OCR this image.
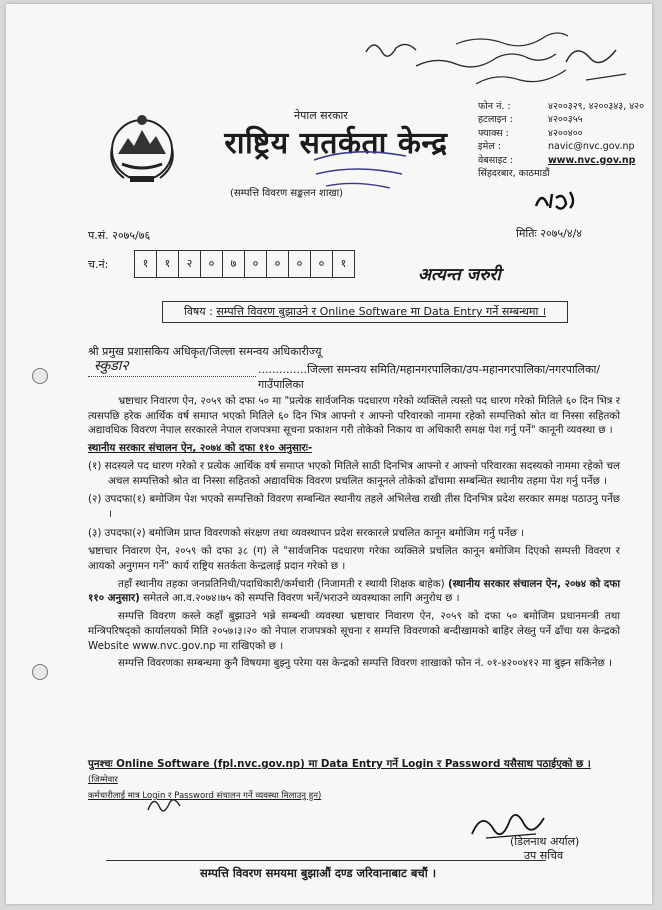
नेपाल सरकार
राष्ट्रिय सतर्कता केन्द्र
(सम्पत्ति विवरण सङ्कलन शाखा)
फोन नं. :	४२००३२९, ४२००३४३, ४२०
हटलाइन :	४२००३५५
फ्याक्स :	४२००४००
इमेल :	navic@nvc.gov.np
वेबसाइट :	www.nvc.gov.np
सिंहदरबार, काठमाडौं
प.सं. २०७५/७६	मितिः २०७५/४/४
च.नं:	१	१	२	०	७	०	०	०	०	१
अत्यन्त जरुरी
विषय : सम्पत्ति विवरण बुझाउने र Online Software मा Data Entry गर्ने सम्बन्धमा ।
श्री प्रमुख प्रशासकिय अधिकृत/जिल्ला समन्वय अधिकारीज्यू
स्कुडा२	..............जिल्ला समन्वय समिति/महानगरपालिका/उप-महानगरपालिका/नगरपालिका/गाउँपालिका

भ्रष्टाचार निवारण ऐन, २०५९ को दफा ५० मा "प्रत्येक सार्वजनिक पदधारण गरेको व्यक्तिले त्यस्तो पद धारण गरेको मितिले ६० दिन भित्र र त्यसपछि हरेक आर्थिक वर्ष समाप्त भएको मितिले ६० दिन भित्र आफ्नो र आफ्नो परिवारको नाममा रहेको सम्पत्तिको स्रोत वा निस्सा सहितको अद्यावधिक विवरण नेपाल सरकारले नेपाल राजपत्रमा सूचना प्रकाशन गरी तोकेको निकाय वा अधिकारी समक्ष पेश गर्नु पर्ने" कानूनी व्यवस्था छ ।

स्थानीय सरकार संचालन ऐन, २०७४ को दफा ११० अनुसारः-

(१) सदस्यले पद धारण गरेको र प्रत्येक आर्थिक वर्ष समाप्त भएको मितिले साठी दिनभित्र आफ्नो र आफ्नो परिवारका सदस्यको नाममा रहेको चल अचल सम्पत्तिको श्रोत वा निस्सा सहितको अद्यावधिक विवरण प्रचलित कानूनले तोकेको ढाँचामा सम्बन्धित स्थानीय तहमा पेश गर्नु पर्नेछ ।

(२) उपदफा(१) बमोजिम पेश भएको सम्पत्तिको विवरण सम्बन्धित स्थानीय तहले अभिलेख राखी तीस दिनभित्र प्रदेश सरकार समक्ष पठाउनु पर्नेछ ।

(३) उपदफा(२) बमोजिम प्राप्त विवरणको संरक्षण तथा व्यवस्थापन प्रदेश सरकारले प्रचलित कानून बमोजिम गर्नु पर्नेछ ।

भ्रष्टाचार निवारण ऐन, २०५९ को दफा ३८ (ग) ले "सार्वजनिक पदधारण गरेका व्यक्तिले प्रचलित कानून बमोजिम दिएको सम्पत्ती विवरण र आयको अनुगमन गर्ने" कार्य राष्ट्रिय सतर्कता केन्द्रलाई प्रदान गरेको छ ।

तहाँ स्थानीय तहका जनप्रतिनिधी/पदाधिकारी/कर्मचारी (निजामती र स्थायी शिक्षक बाहेक) (स्थानीय सरकार संचालन ऐन, २०७४ को दफा ११० अनुसार) समेतले आ.व.२०७४।७५ को सम्पत्ति विवरण भर्ने/भराउने व्यवस्थाका लागि अनुरोध छ ।

सम्पत्ति विवरण कस्ले कहाँ बुझाउने भन्ने सम्बन्धी व्यवस्था भ्रष्टाचार निवारण ऐन, २०५९ को दफा ५० बमोजिम प्रधानमन्त्री तथा मन्त्रिपरिषद्को कार्यालयको मिति २०५७।३।२० को नेपाल राजपत्रको सूचना र सम्पत्ति विवरणको बन्दीखामको बाहिर लेख्नु पर्ने ढाँचा यस केन्द्रको Website www.nvc.gov.np मा राखिएको छ ।

सम्पत्ति विवरणका सम्बन्धमा कुनै विषयमा बुझ्नु परेमा यस केन्द्रको सम्पत्ति विवरण शाखाको फोन नं. ०१-४२००४१२ मा बुझ्न सकिनेछ ।

पुनश्चः Online Software (fpl.nvc.gov.np) मा Data Entry गर्ने Login र Password यसैसाथ पठाईएको छ । (जिम्मेवार
कर्मचारीलाई मात्र Login र Password संचालन गर्ने व्यवस्था मिलाउनु हुन)
(डिलनाथ अर्याल)
उप सचिव
सम्पत्ति विवरण समयमा बुझाऔं दण्ड जरिवानाबाट बचौं ।
